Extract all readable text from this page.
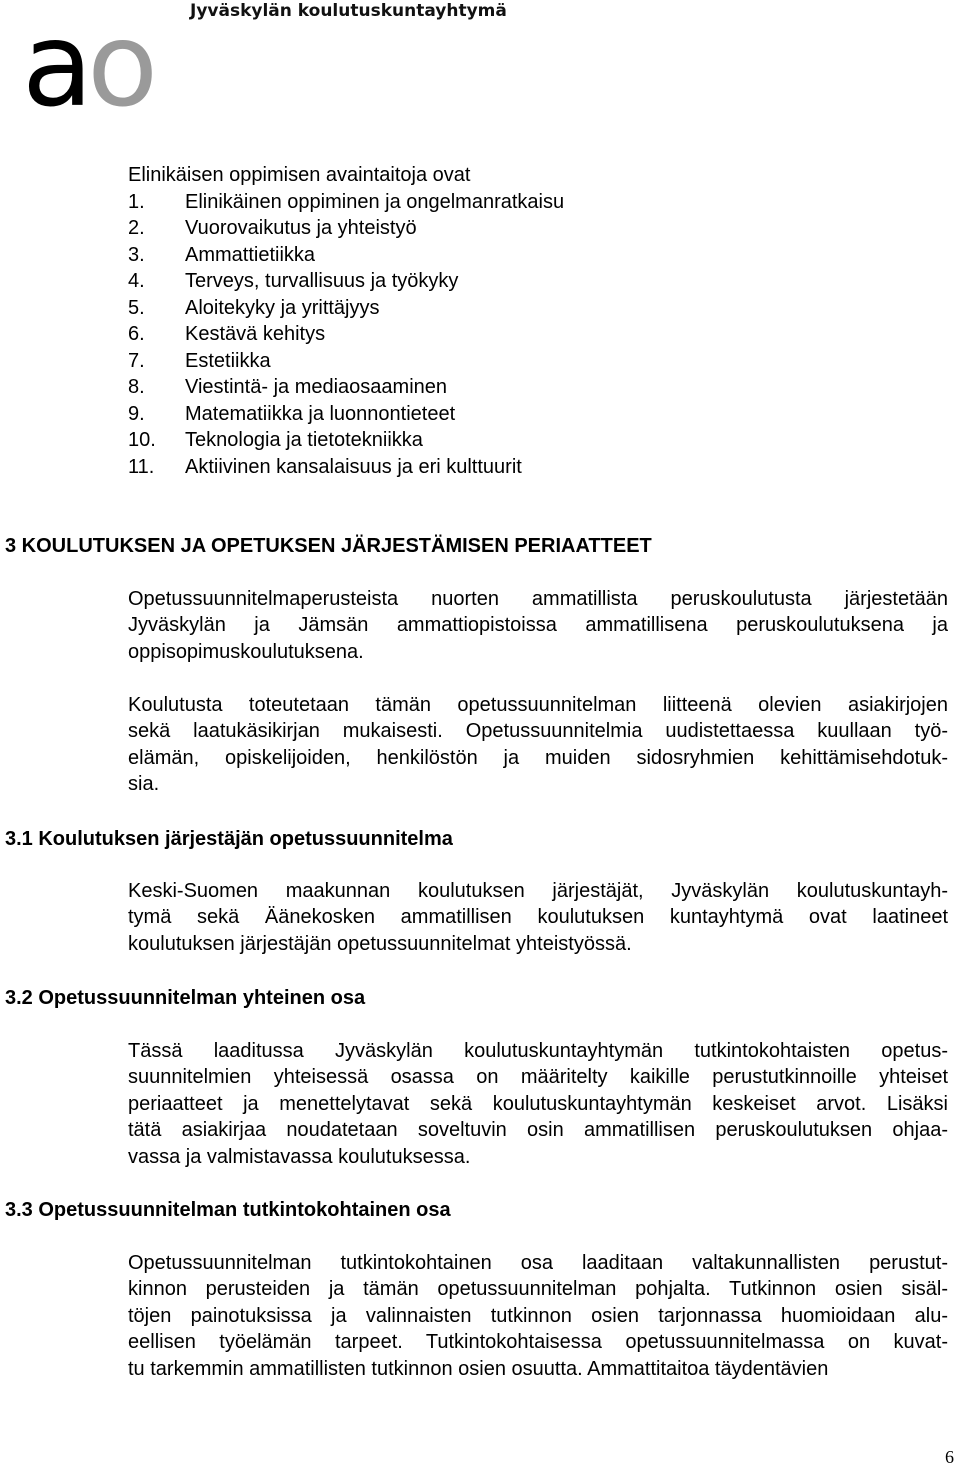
ao Jyväskylän koulutuskuntayhtymä
Elinikäisen oppimisen avaintaitoja ovat
1.	Elinikäinen oppiminen ja ongelmanratkaisu
2.	Vuorovaikutus ja yhteistyö
3.	Ammattietiikka
4.	Terveys, turvallisuus ja työkyky
5.	Aloitekyky ja yrittäjyys
6.	Kestävä kehitys
7.	Estetiikka
8.	Viestintä- ja mediaosaaminen
9.	Matematiikka ja luonnontieteet
10.	Teknologia ja tietotekniikka
11.	Aktiivinen kansalaisuus ja eri kulttuurit
3 KOULUTUKSEN JA OPETUKSEN JÄRJESTÄMISEN PERIAATTEET

Opetussuunnitelmaperusteista nuorten ammatillista peruskoulutusta järjestetään
Jyväskylän ja Jämsän ammattiopistoissa ammatillisena peruskoulutuksena ja
oppisopimuskoulutuksena.

Koulutusta toteutetaan tämän opetussuunnitelman liitteenä olevien asiakirjojen
sekä laatukäsikirjan mukaisesti. Opetussuunnitelmia uudistettaessa kuullaan työ-
elämän, opiskelijoiden, henkilöstön ja muiden sidosryhmien kehittämisehdotuk-
sia.

3.1 Koulutuksen järjestäjän opetussuunnitelma

Keski-Suomen maakunnan koulutuksen järjestäjät, Jyväskylän koulutuskuntayh-
tymä sekä Äänekosken ammatillisen koulutuksen kuntayhtymä ovat laatineet
koulutuksen järjestäjän opetussuunnitelmat yhteistyössä.

3.2 Opetussuunnitelman yhteinen osa

Tässä laaditussa Jyväskylän koulutuskuntayhtymän tutkintokohtaisten opetus-
suunnitelmien yhteisessä osassa on määritelty kaikille perustutkinnoille yhteiset
periaatteet ja menettelytavat sekä koulutuskuntayhtymän keskeiset arvot. Lisäksi
tätä asiakirjaa noudatetaan soveltuvin osin ammatillisen peruskoulutuksen ohjaa-
vassa ja valmistavassa koulutuksessa.

3.3 Opetussuunnitelman tutkintokohtainen osa

Opetussuunnitelman tutkintokohtainen osa laaditaan valtakunnallisten perustut-
kinnon perusteiden ja tämän opetussuunnitelman pohjalta. Tutkinnon osien sisäl-
töjen painotuksissa ja valinnaisten tutkinnon osien tarjonnassa huomioidaan alu-
eellisen työelämän tarpeet. Tutkintokohtaisessa opetussuunnitelmassa on kuvat-
tu tarkemmin ammatillisten tutkinnon osien osuutta. Ammattitaitoa täydentävien

6
